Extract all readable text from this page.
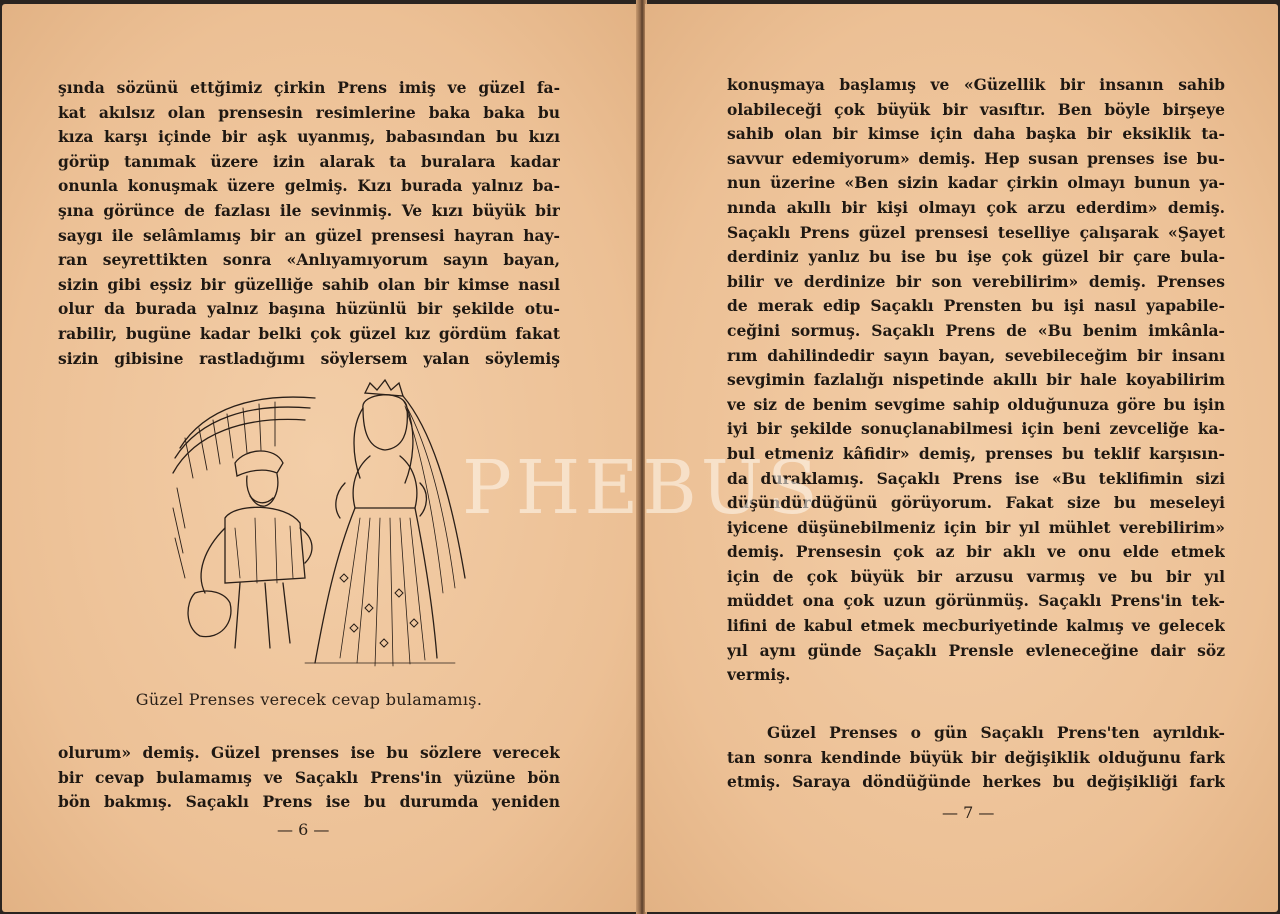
şında sözünü ettğimiz çirkin Prens imiş ve güzel fa-
kat akılsız olan prensesin resimlerine baka baka bu
kıza karşı içinde bir aşk uyanmış, babasından bu kızı
görüp tanımak üzere izin alarak ta buralara kadar
onunla konuşmak üzere gelmiş. Kızı burada yalnız ba-
şına görünce de fazlası ile sevinmiş. Ve kızı büyük bir
saygı ile selâmlamış bir an güzel prensesi hayran hay-
ran seyrettikten sonra «Anlıyamıyorum sayın bayan,
sizin gibi eşsiz bir güzelliğe sahib olan bir kimse nasıl
olur da burada yalnız başına hüzünlü bir şekilde otu-
rabilir, bugüne kadar belki çok güzel kız gördüm fakat
sizin gibisine rastladığımı söylersem yalan söylemiş
Güzel Prenses verecek cevap bulamamış.
olurum» demiş. Güzel prenses ise bu sözlere verecek
bir cevap bulamamış ve Saçaklı Prens'in yüzüne bön
bön bakmış. Saçaklı Prens ise bu durumda yeniden
— 6 —
konuşmaya başlamış ve «Güzellik bir insanın sahib
olabileceği çok büyük bir vasıftır. Ben böyle birşeye
sahib olan bir kimse için daha başka bir eksiklik ta-
savvur edemiyorum» demiş. Hep susan prenses ise bu-
nun üzerine «Ben sizin kadar çirkin olmayı bunun ya-
nında akıllı bir kişi olmayı çok arzu ederdim» demiş.
Saçaklı Prens güzel prensesi teselliye çalışarak «Şayet
derdiniz yanlız bu ise bu işe çok güzel bir çare bula-
bilir ve derdinize bir son verebilirim» demiş. Prenses
de merak edip Saçaklı Prensten bu işi nasıl yapabile-
ceğini sormuş. Saçaklı Prens de «Bu benim imkânla-
rım dahilindedir sayın bayan, sevebileceğim bir insanı
sevgimin fazlalığı nispetinde akıllı bir hale koyabilirim
ve siz de benim sevgime sahip olduğunuza göre bu işin
iyi bir şekilde sonuçlanabilmesi için beni zevceliğe ka-
bul etmeniz kâfidir» demiş, prenses bu teklif karşısın-
da duraklamış. Saçaklı Prens ise «Bu teklifimin sizi
düşündürdüğünü görüyorum. Fakat size bu meseleyi
iyicene düşünebilmeniz için bir yıl mühlet verebilirim»
demiş. Prensesin çok az bir aklı ve onu elde etmek
için de çok büyük bir arzusu varmış ve bu bir yıl
müddet ona çok uzun görünmüş. Saçaklı Prens'in tek-
lifini de kabul etmek mecburiyetinde kalmış ve gelecek
yıl aynı günde Saçaklı Prensle evleneceğine dair söz
vermiş.
Güzel Prenses o gün Saçaklı Prens'ten ayrıldık-
tan sonra kendinde büyük bir değişiklik olduğunu fark
etmiş. Saraya döndüğünde herkes bu değişikliği fark
— 7 —
PHEBUS
